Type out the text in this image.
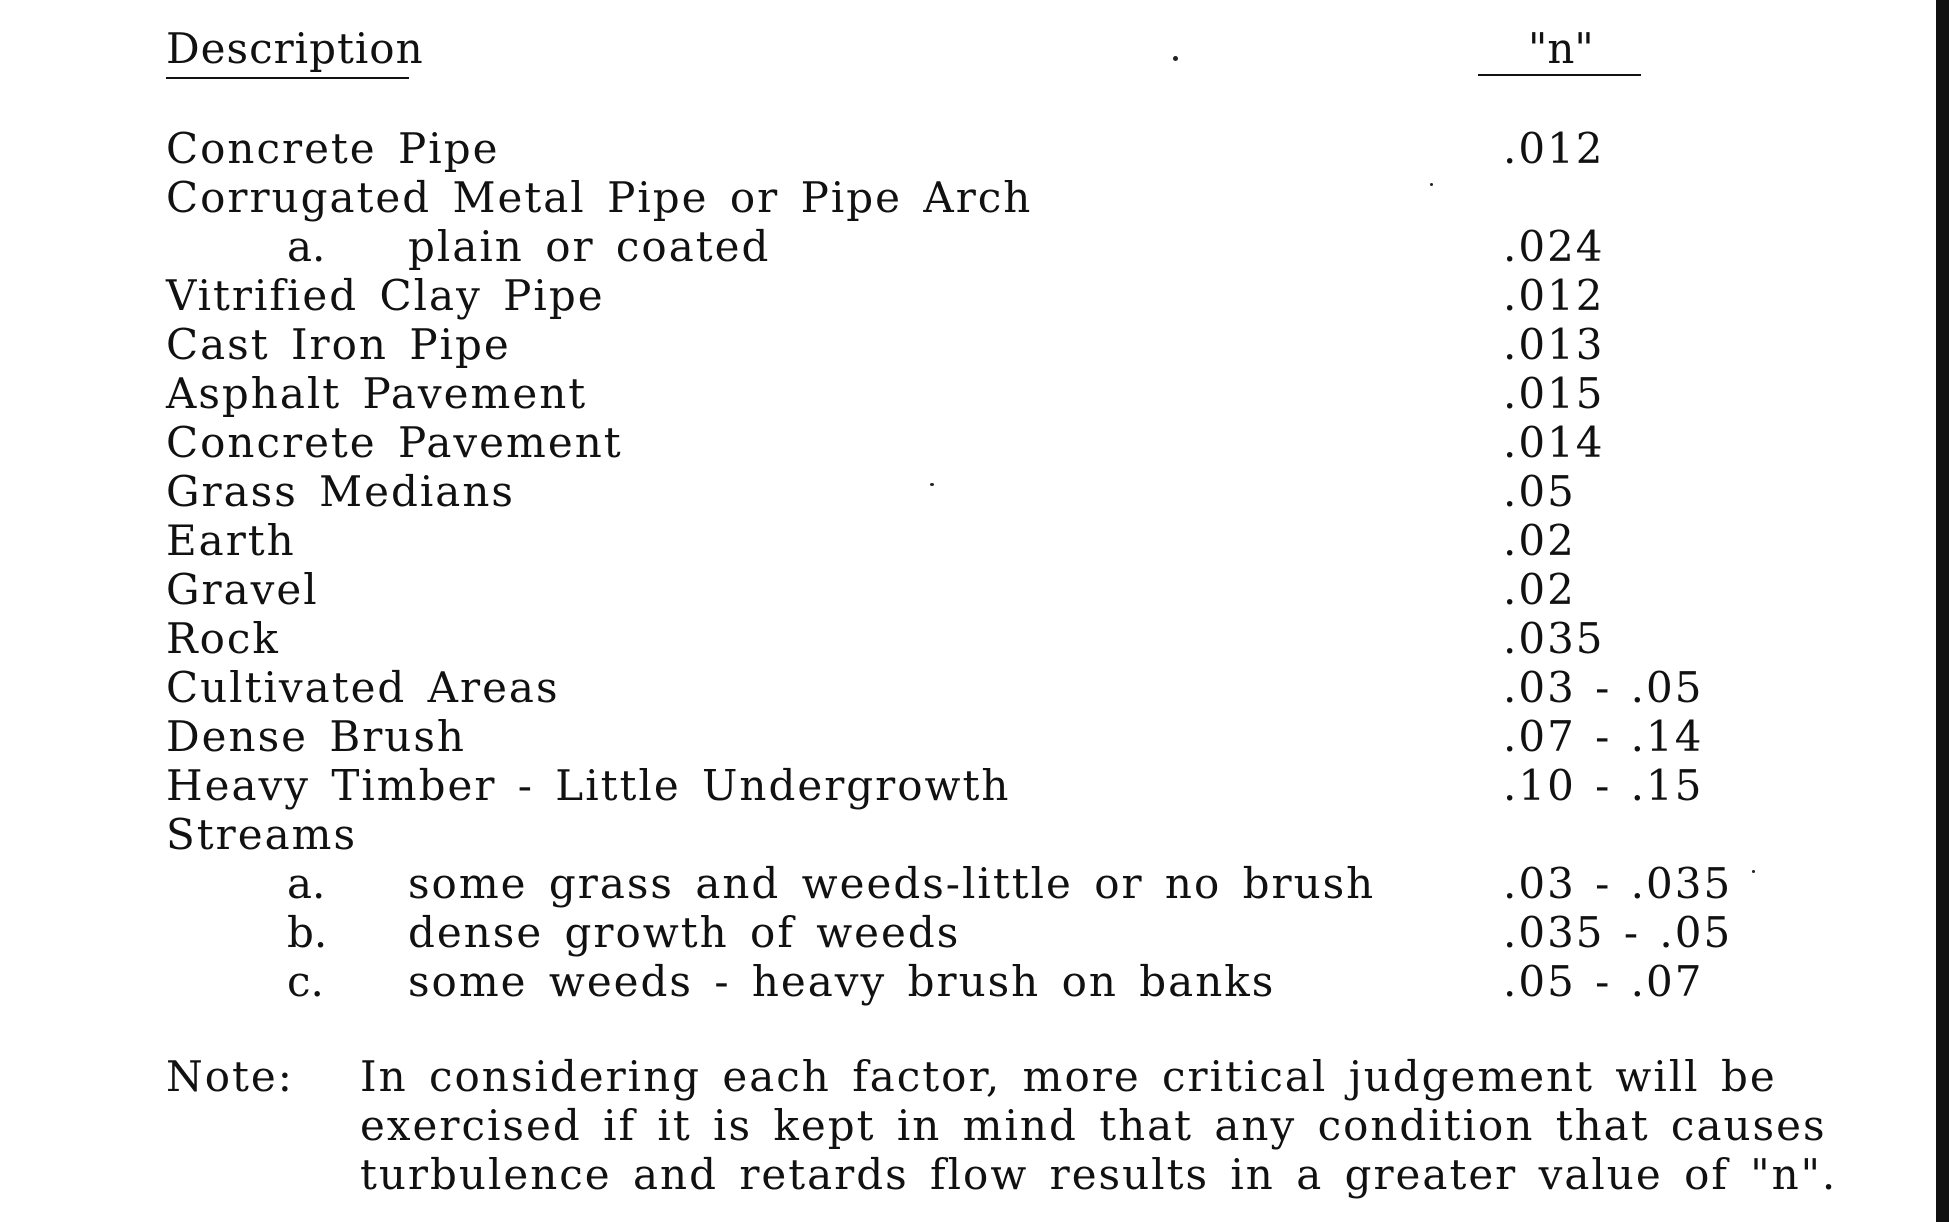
Description	"n"
Concrete Pipe	.012
Corrugated Metal Pipe or Pipe Arch
a. plain or coated	.024
Vitrified Clay Pipe	.012
Cast Iron Pipe	.013
Asphalt Pavement	.015
Concrete Pavement	.014
Grass Medians	.05
Earth	.02
Gravel	.02
Rock	.035
Cultivated Areas	.03 - .05
Dense Brush	.07 - .14
Heavy Timber - Little Undergrowth	.10 - .15
Streams
a. some grass and weeds-little or no brush	.03 - .035
b. dense growth of weeds	.035 - .05
c. some weeds - heavy brush on banks	.05 - .07
Note: In considering each factor, more critical judgement will be
exercised if it is kept in mind that any condition that causes
turbulence and retards flow results in a greater value of "n".
